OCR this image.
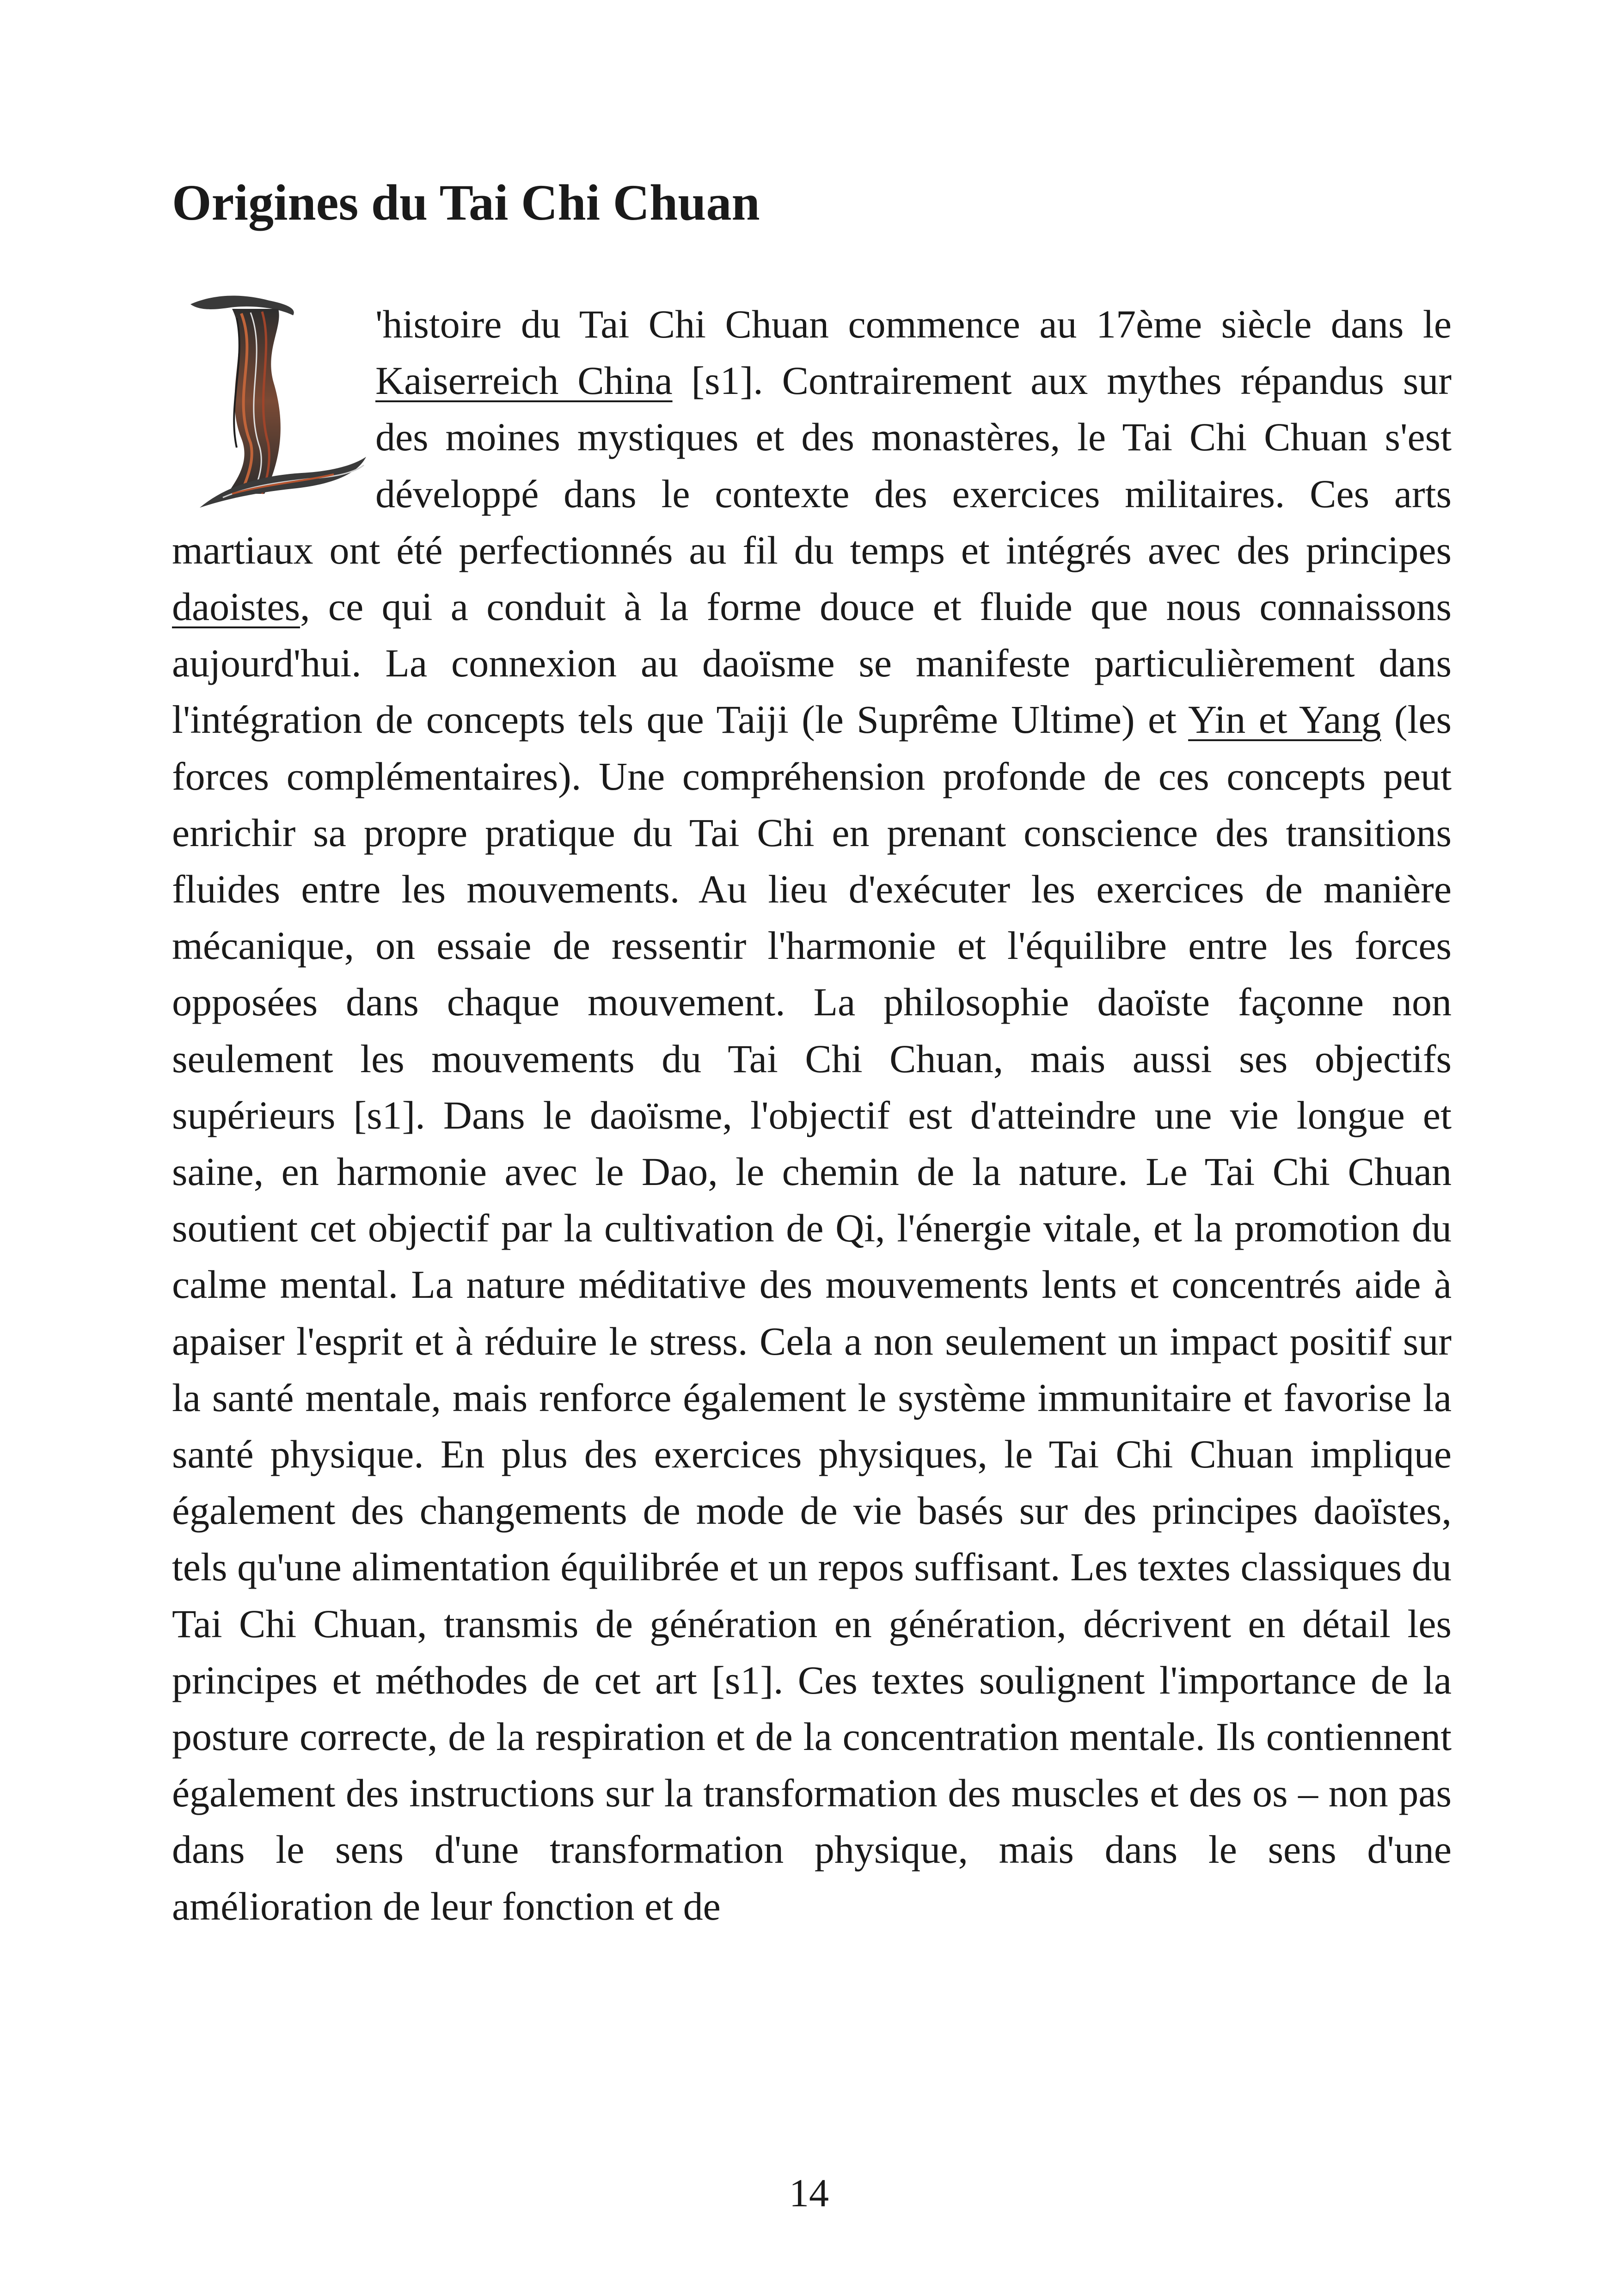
Origines du Tai Chi Chuan

'histoire du Tai Chi Chuan commence au 17ème siècle dans le Kaiserreich China [s1]. Contrairement aux mythes répandus sur des moines mystiques et des monastères, le Tai Chi Chuan s'est développé dans le contexte des exercices militaires. Ces arts martiaux ont été perfectionnés au fil du temps et intégrés avec des principes daoistes, ce qui a conduit à la forme douce et fluide que nous connaissons aujourd'hui. La connexion au daoïsme se manifeste particulièrement dans l'intégration de concepts tels que Taiji (le Suprême Ultime) et Yin et Yang (les forces complémentaires). Une compréhension profonde de ces concepts peut enrichir sa propre pratique du Tai Chi en prenant conscience des transitions fluides entre les mouvements. Au lieu d'exécuter les exercices de manière mécanique, on essaie de ressentir l'harmonie et l'équilibre entre les forces opposées dans chaque mouvement. La philosophie daoïste façonne non seulement les mouvements du Tai Chi Chuan, mais aussi ses objectifs supérieurs [s1]. Dans le daoïsme, l'objectif est d'atteindre une vie longue et saine, en harmonie avec le Dao, le chemin de la nature. Le Tai Chi Chuan soutient cet objectif par la cultivation de Qi, l'énergie vitale, et la promotion du calme mental. La nature méditative des mouvements lents et concentrés aide à apaiser l'esprit et à réduire le stress. Cela a non seulement un impact positif sur la santé mentale, mais renforce également le système immunitaire et favorise la santé physique. En plus des exercices physiques, le Tai Chi Chuan implique également des changements de mode de vie basés sur des principes daoïstes, tels qu'une alimentation équilibrée et un repos suffisant. Les textes classiques du Tai Chi Chuan, transmis de génération en génération, décrivent en détail les principes et méthodes de cet art [s1]. Ces textes soulignent l'importance de la posture correcte, de la respiration et de la concentration mentale. Ils contiennent également des instructions sur la transformation des muscles et des os – non pas dans le sens d'une transformation physique, mais dans le sens d'une amélioration de leur fonction et de

14
